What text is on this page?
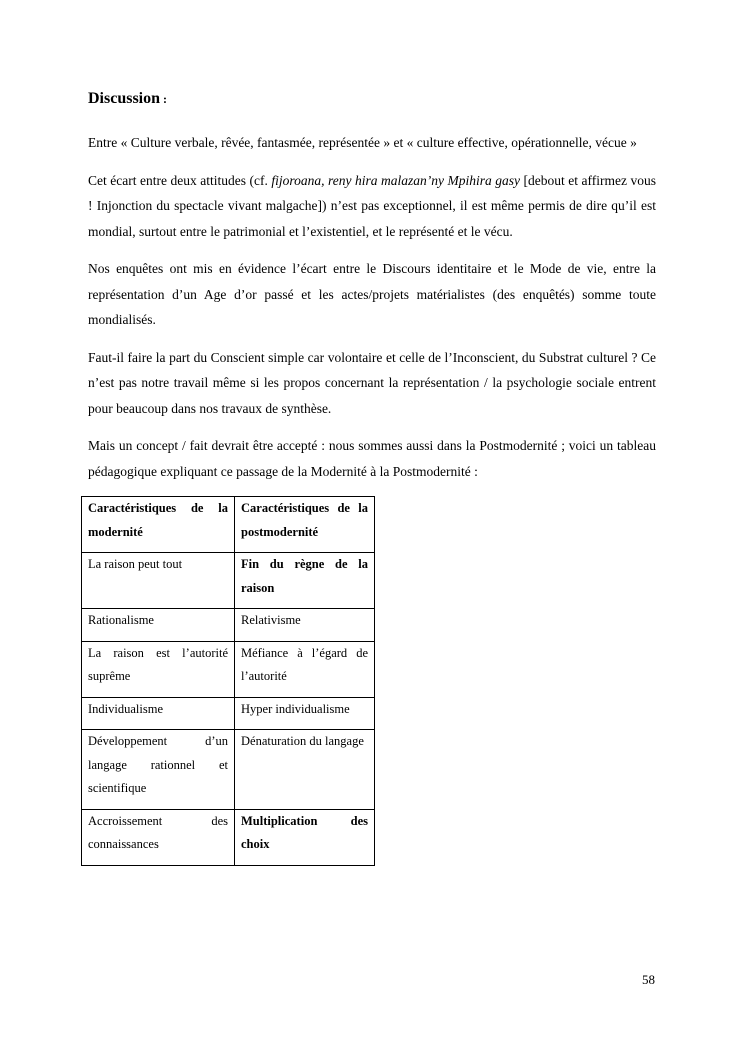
Discussion :

Entre « Culture verbale, rêvée, fantasmée, représentée » et « culture effective, opérationnelle, vécue »

Cet écart entre deux attitudes (cf. fijoroana, reny hira malazan’ny Mpihira gasy [debout et affirmez vous ! Injonction du spectacle vivant malgache]) n’est pas exceptionnel, il est même permis de dire qu’il est mondial, surtout entre le patrimonial et l’existentiel, et le représenté et le vécu.

Nos enquêtes ont mis en évidence l’écart entre le Discours identitaire et le Mode de vie, entre la représentation d’un Age d’or passé et les actes/projets matérialistes (des enquêtés) somme toute mondialisés.

Faut-il faire la part du Conscient simple car volontaire et celle de l’Inconscient, du Substrat culturel ? Ce n’est pas notre travail même si les propos concernant la représentation / la psychologie sociale entrent pour beaucoup dans nos travaux de synthèse.

Mais un concept / fait devrait être accepté : nous sommes aussi dans la Postmodernité ; voici un tableau pédagogique expliquant ce passage de la Modernité à la Postmodernité :

Caractéristiques de la modernité	Caractéristiques de la postmodernité
La raison peut tout	Fin du règne de la raison
Rationalisme	Relativisme
La raison est l’autorité suprême	Méfiance à l’égard de l’autorité
Individualisme	Hyper individualisme
Développement d’un langage rationnel et scientifique	Dénaturation du langage
Accroissement des connaissances	Multiplication des choix
58
